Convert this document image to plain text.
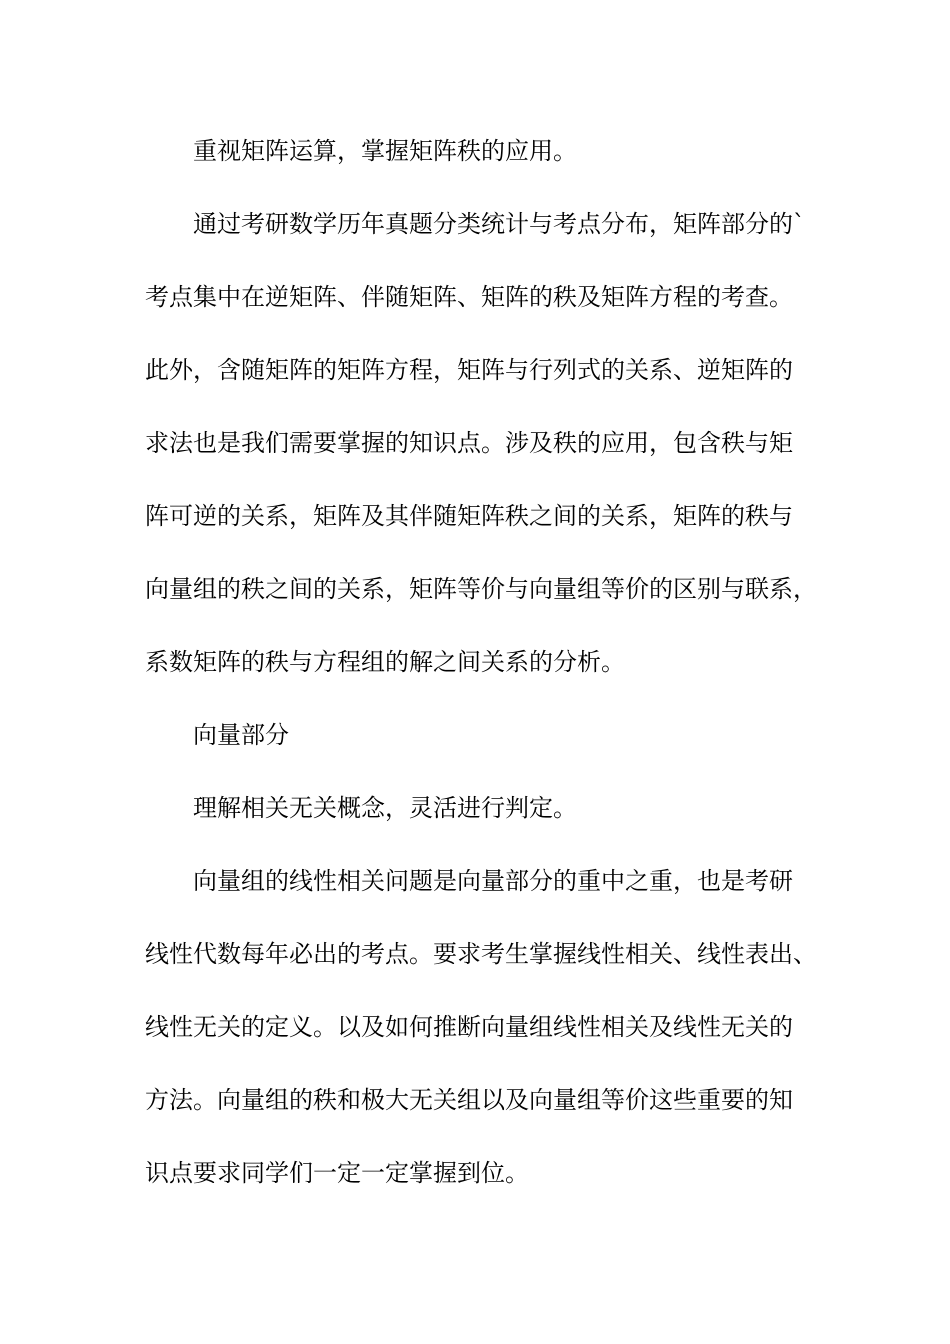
重视矩阵运算，掌握矩阵秩的应用。
通过考研数学历年真题分类统计与考点分布，矩阵部分的`
考点集中在逆矩阵、伴随矩阵、矩阵的秩及矩阵方程的考查。
此外，含随矩阵的矩阵方程，矩阵与行列式的关系、逆矩阵的
求法也是我们需要掌握的知识点。涉及秩的应用，包含秩与矩
阵可逆的关系，矩阵及其伴随矩阵秩之间的关系，矩阵的秩与
向量组的秩之间的关系，矩阵等价与向量组等价的区别与联系，
系数矩阵的秩与方程组的解之间关系的分析。
向量部分
理解相关无关概念，灵活进行判定。
向量组的线性相关问题是向量部分的重中之重，也是考研
线性代数每年必出的考点。要求考生掌握线性相关、线性表出、
线性无关的定义。以及如何推断向量组线性相关及线性无关的
方法。向量组的秩和极大无关组以及向量组等价这些重要的知
识点要求同学们一定一定掌握到位。
